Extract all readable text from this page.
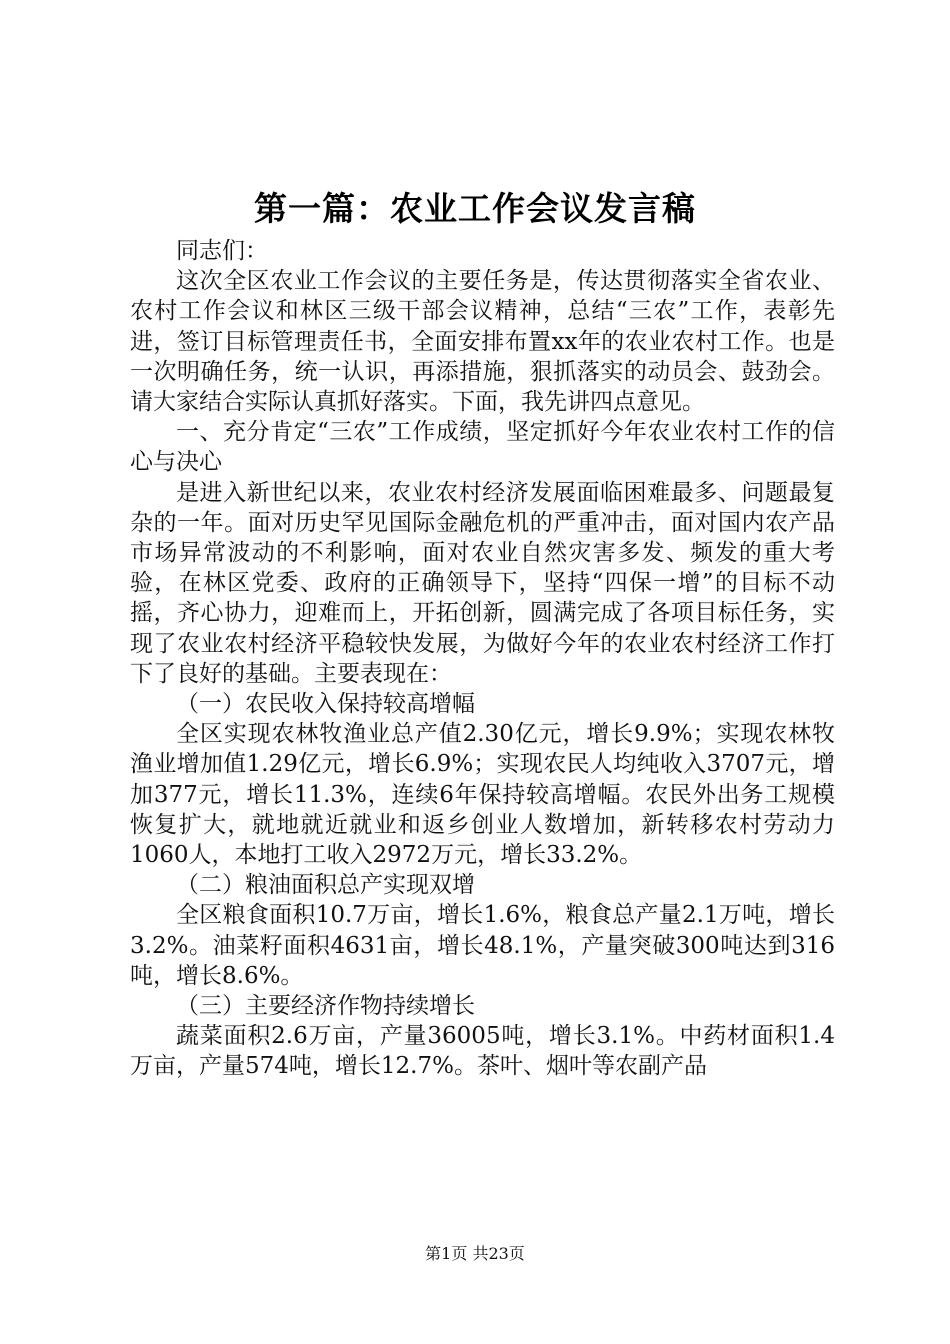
第一篇：农业工作会议发言稿

同志们：

这次全区农业工作会议的主要任务是，传达贯彻落实全省农业、农村工作会议和林区三级干部会议精神，总结“三农”工作，表彰先进，签订目标管理责任书，全面安排布置xx年的农业农村工作。也是一次明确任务，统一认识，再添措施，狠抓落实的动员会、鼓劲会。请大家结合实际认真抓好落实。下面，我先讲四点意见。

一、充分肯定“三农”工作成绩，坚定抓好今年农业农村工作的信心与决心

是进入新世纪以来，农业农村经济发展面临困难最多、问题最复杂的一年。面对历史罕见国际金融危机的严重冲击，面对国内农产品市场异常波动的不利影响，面对农业自然灾害多发、频发的重大考验，在林区党委、政府的正确领导下，坚持“四保一增”的目标不动摇，齐心协力，迎难而上，开拓创新，圆满完成了各项目标任务，实现了农业农村经济平稳较快发展，为做好今年的农业农村经济工作打下了良好的基础。主要表现在：

（一）农民收入保持较高增幅

全区实现农林牧渔业总产值2.30亿元，增长9.9%；实现农林牧渔业增加值1.29亿元，增长6.9%；实现农民人均纯收入3707元，增加377元，增长11.3%，连续6年保持较高增幅。农民外出务工规模恢复扩大，就地就近就业和返乡创业人数增加，新转移农村劳动力1060人，本地打工收入2972万元，增长33.2%。

（二）粮油面积总产实现双增

全区粮食面积10.7万亩，增长1.6%，粮食总产量2.1万吨，增长3.2%。油菜籽面积4631亩，增长48.1%，产量突破300吨达到316吨，增长8.6%。

（三）主要经济作物持续增长

蔬菜面积2.6万亩，产量36005吨，增长3.1%。中药材面积1.4万亩，产量574吨，增长12.7%。茶叶、烟叶等农副产品

第1页 共23页
